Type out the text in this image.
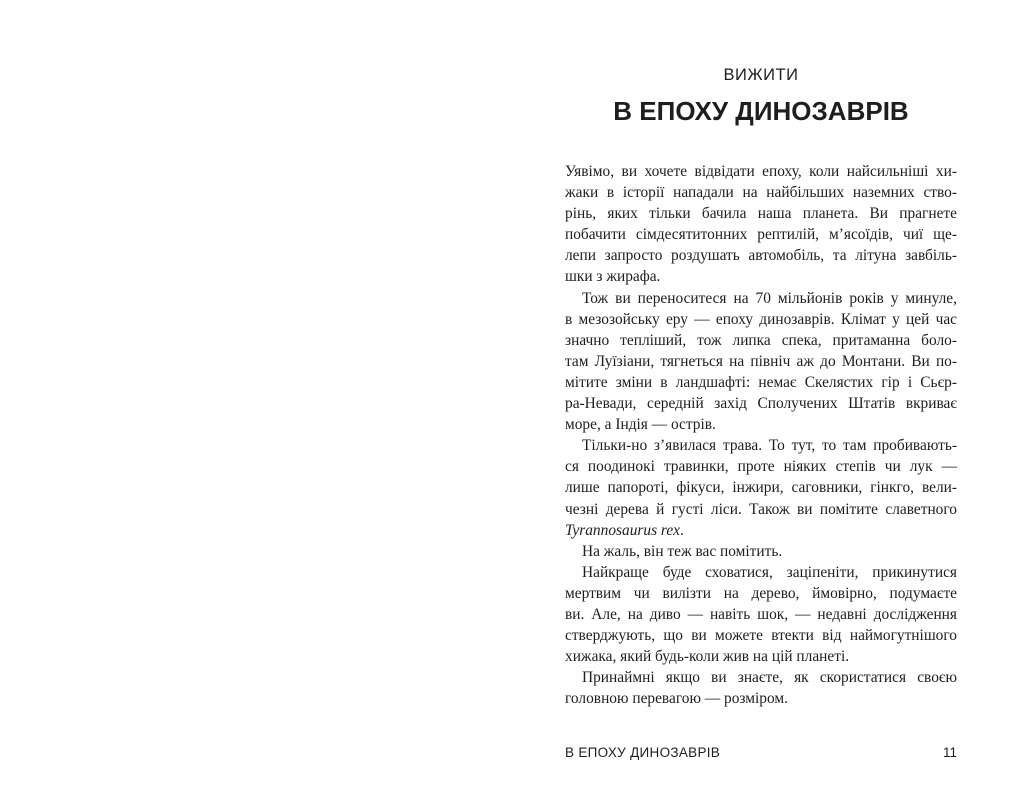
ВИЖИТИ
В ЕПОХУ ДИНОЗАВРІВ
Уявімо, ви хочете відвідати епоху, коли найсильніші хи-
жаки в історії нападали на найбільших наземних ство-
рінь, яких тільки бачила наша планета. Ви прагнете
побачити сімдесятитонних рептилій, м’ясоїдів, чиї ще-
лепи запросто роздушать автомобіль, та літуна завбіль-
шки з жирафа.
Тож ви переноситеся на 70 мільйонів років у минуле,
в мезозойську еру — епоху динозаврів. Клімат у цей час
значно тепліший, тож липка спека, притаманна боло-
там Луїзіани, тягнеться на північ аж до Монтани. Ви по-
мітите зміни в ландшафті: немає Скелястих гір і Сьєр-
ра-Невади, середній захід Сполучених Штатів вкриває
море, а Індія — острів.
Тільки-но з’явилася трава. То тут, то там пробивають-
ся поодинокі травинки, проте ніяких степів чи лук —
лише папороті, фікуси, інжири, саговники, гінкго, вели-
чезні дерева й густі ліси. Також ви помітите славетного
Tyrannosaurus rex.
На жаль, він теж вас помітить.
Найкраще буде сховатися, заціпеніти, прикинутися
мертвим чи вилізти на дерево, ймовірно, подумаєте
ви. Але, на диво — навіть шок, — недавні дослідження
стверджують, що ви можете втекти від наймогутнішого
хижака, який будь-коли жив на цій планеті.
Принаймні якщо ви знаєте, як скористатися своєю
головною перевагою — розміром.
В ЕПОХУ ДИНОЗАВРІВ	11
